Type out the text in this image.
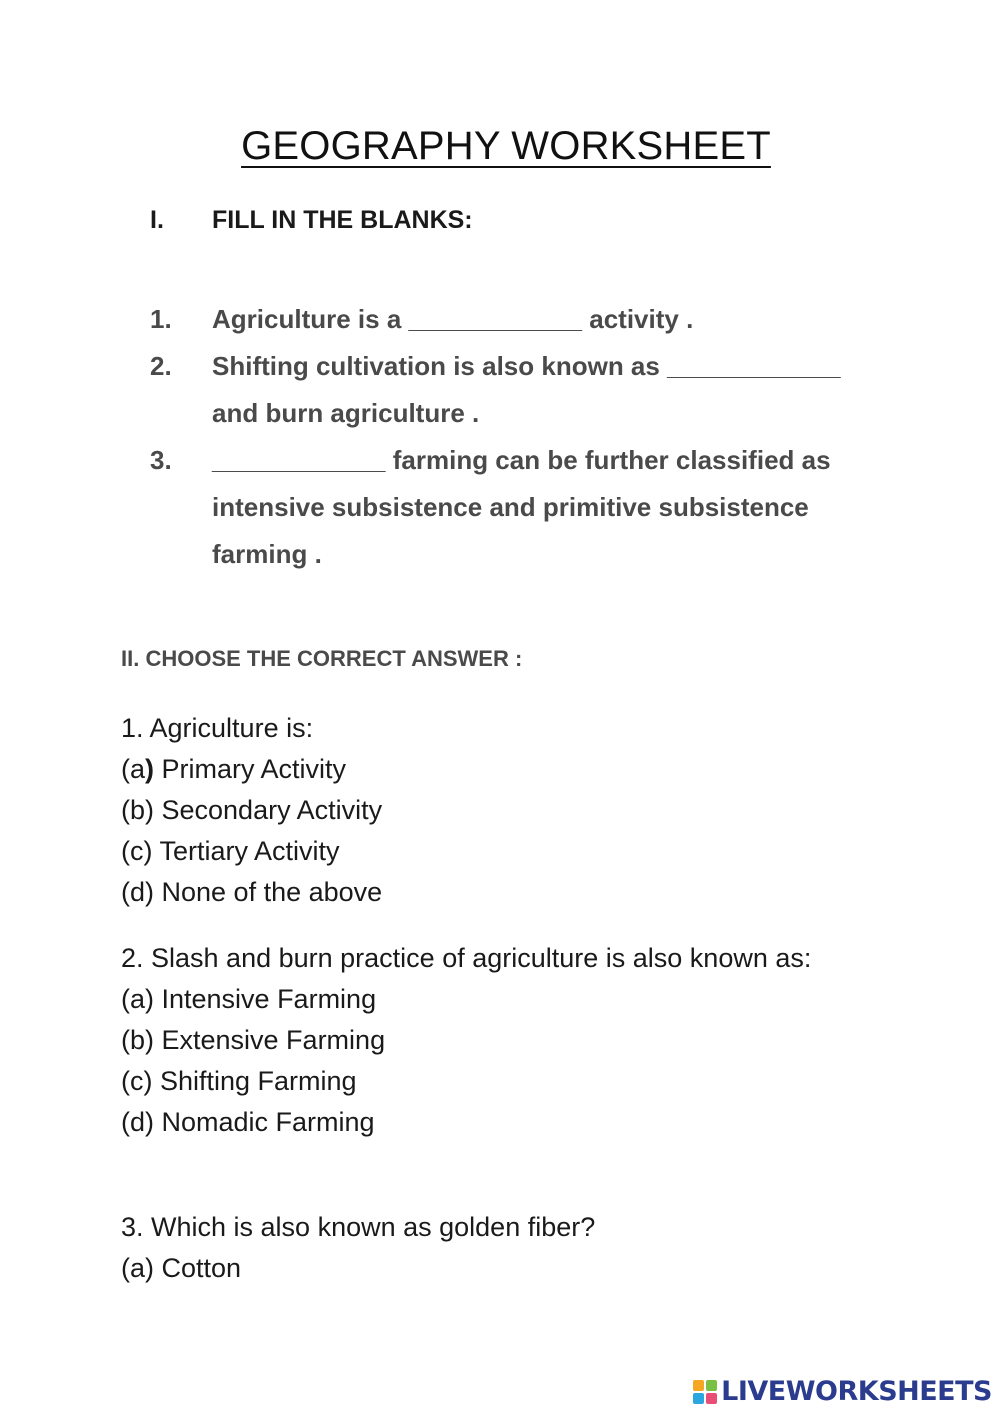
GEOGRAPHY WORKSHEET
I. FILL IN THE BLANKS:
1.	Agriculture is a ____________ activity .
2.	Shifting cultivation is also known as ____________ and burn agriculture .
3.	____________ farming can be further classified as intensive subsistence and primitive subsistence farming .
II. CHOOSE THE CORRECT ANSWER :
1. Agriculture is:
(a) Primary Activity
(b) Secondary Activity
(c) Tertiary Activity
(d) None of the above
2. Slash and burn practice of agriculture is also known as:
(a) Intensive Farming
(b) Extensive Farming
(c) Shifting Farming
(d) Nomadic Farming
3. Which is also known as golden fiber?
(a) Cotton
LIVEWORKSHEETS
